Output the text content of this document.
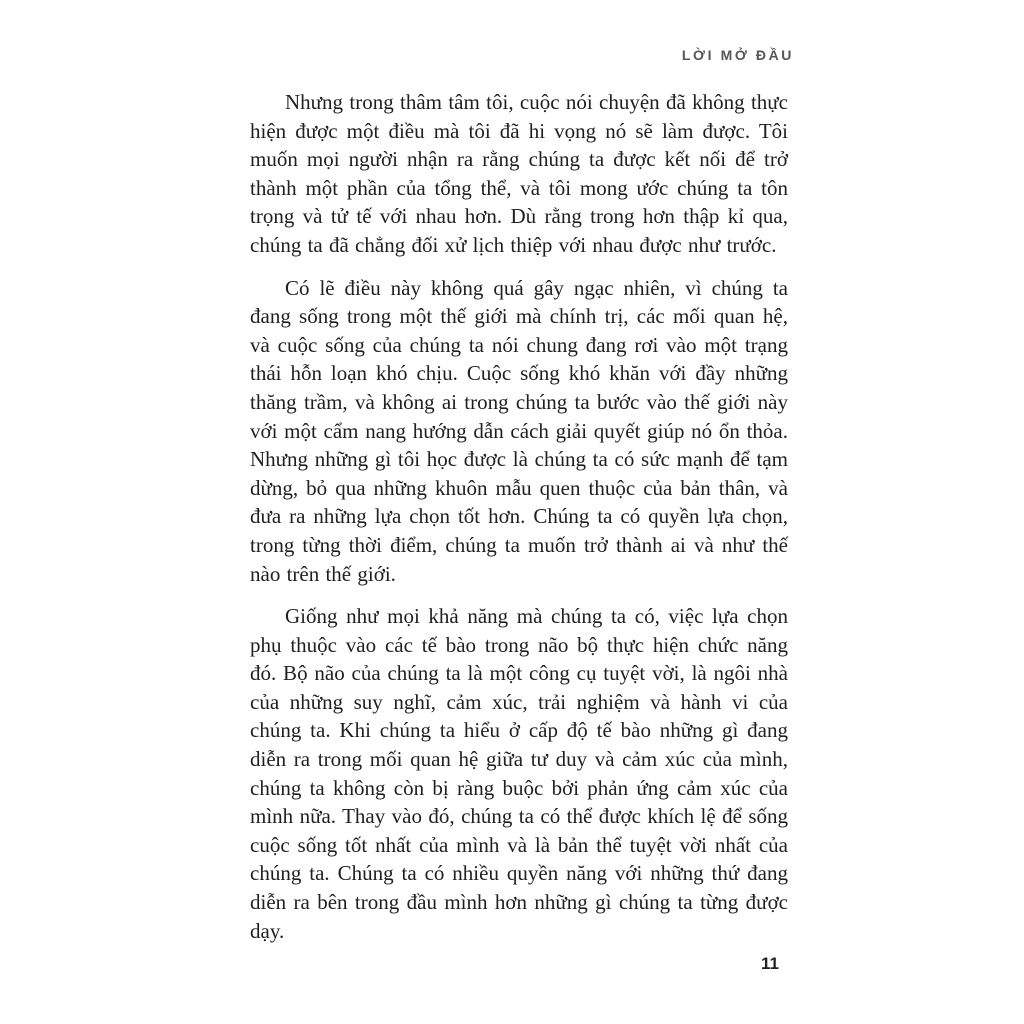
LỜI MỞ ĐẦU

Nhưng trong thâm tâm tôi, cuộc nói chuyện đã không thực hiện được một điều mà tôi đã hi vọng nó sẽ làm được. Tôi muốn mọi người nhận ra rằng chúng ta được kết nối để trở thành một phần của tổng thể, và tôi mong ước chúng ta tôn trọng và tử tế với nhau hơn. Dù rằng trong hơn thập kỉ qua, chúng ta đã chẳng đối xử lịch thiệp với nhau được như trước.

Có lẽ điều này không quá gây ngạc nhiên, vì chúng ta đang sống trong một thế giới mà chính trị, các mối quan hệ, và cuộc sống của chúng ta nói chung đang rơi vào một trạng thái hỗn loạn khó chịu. Cuộc sống khó khăn với đầy những thăng trầm, và không ai trong chúng ta bước vào thế giới này với một cẩm nang hướng dẫn cách giải quyết giúp nó ổn thỏa. Nhưng những gì tôi học được là chúng ta có sức mạnh để tạm dừng, bỏ qua những khuôn mẫu quen thuộc của bản thân, và đưa ra những lựa chọn tốt hơn. Chúng ta có quyền lựa chọn, trong từng thời điểm, chúng ta muốn trở thành ai và như thế nào trên thế giới.

Giống như mọi khả năng mà chúng ta có, việc lựa chọn phụ thuộc vào các tế bào trong não bộ thực hiện chức năng đó. Bộ não của chúng ta là một công cụ tuyệt vời, là ngôi nhà của những suy nghĩ, cảm xúc, trải nghiệm và hành vi của chúng ta. Khi chúng ta hiểu ở cấp độ tế bào những gì đang diễn ra trong mối quan hệ giữa tư duy và cảm xúc của mình, chúng ta không còn bị ràng buộc bởi phản ứng cảm xúc của mình nữa. Thay vào đó, chúng ta có thể được khích lệ để sống cuộc sống tốt nhất của mình và là bản thể tuyệt vời nhất của chúng ta. Chúng ta có nhiều quyền năng với những thứ đang diễn ra bên trong đầu mình hơn những gì chúng ta từng được dạy.

11
